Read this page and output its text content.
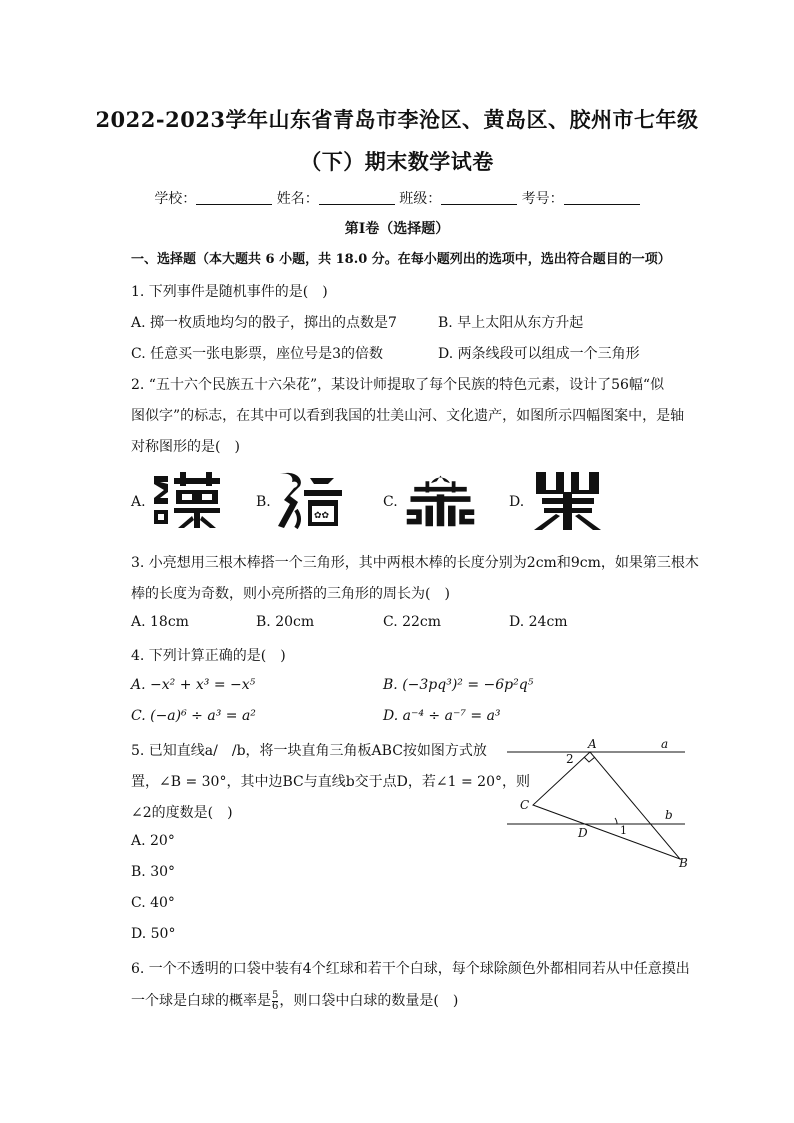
2022-2023学年山东省青岛市李沧区、黄岛区、胶州市七年级
（下）期末数学试卷
学校：	姓名：	班级：	考号：
第Ⅰ卷（选择题）
一、选择题（本大题共 6 小题，共 18.0 分。在每小题列出的选项中，选出符合题目的一项）
1. 下列事件是随机事件的是(　)
A. 掷一枚质地均匀的骰子，掷出的点数是7	B. 早上太阳从东方升起
C. 任意买一张电影票，座位号是3的倍数	D. 两条线段可以组成一个三角形
2. “五十六个民族五十六朵花”，某设计师提取了每个民族的特色元素，设计了56幅“似
图似字”的标志，在其中可以看到我国的壮美山河、文化遗产，如图所示四幅图案中，是轴
对称图形的是(　)
A.	B.
✿✿
C.	D.
3. 小亮想用三根木棒搭一个三角形，其中两根木棒的长度分别为2cm和9cm，如果第三根木
棒的长度为奇数，则小亮所搭的三角形的周长为(　)
A. 18cm	B. 20cm	C. 22cm	D. 24cm
4. 下列计算正确的是(　)
A. −x² + x³ = −x⁵	B. (−3pq³)² = −6p²q⁵
C. (−a)⁶ ÷ a³ = a²	D. a⁻⁴ ÷ a⁻⁷ = a³
5. 已知直线a/　/b，将一块直角三角板ABC按如图方式放
置，∠B = 30°，其中边BC与直线b交于点D，若∠1 = 20°，则
∠2的度数是(　)
A. 20°
B. 30°
C. 40°
D. 50°
A	a
2
C
b
D	1
B
6. 一个不透明的口袋中装有4个红球和若干个白球，每个球除颜色外都相同若从中任意摸出
一个球是白球的概率是 $\frac{5}{6}$ ，则口袋中白球的数量是(　)
